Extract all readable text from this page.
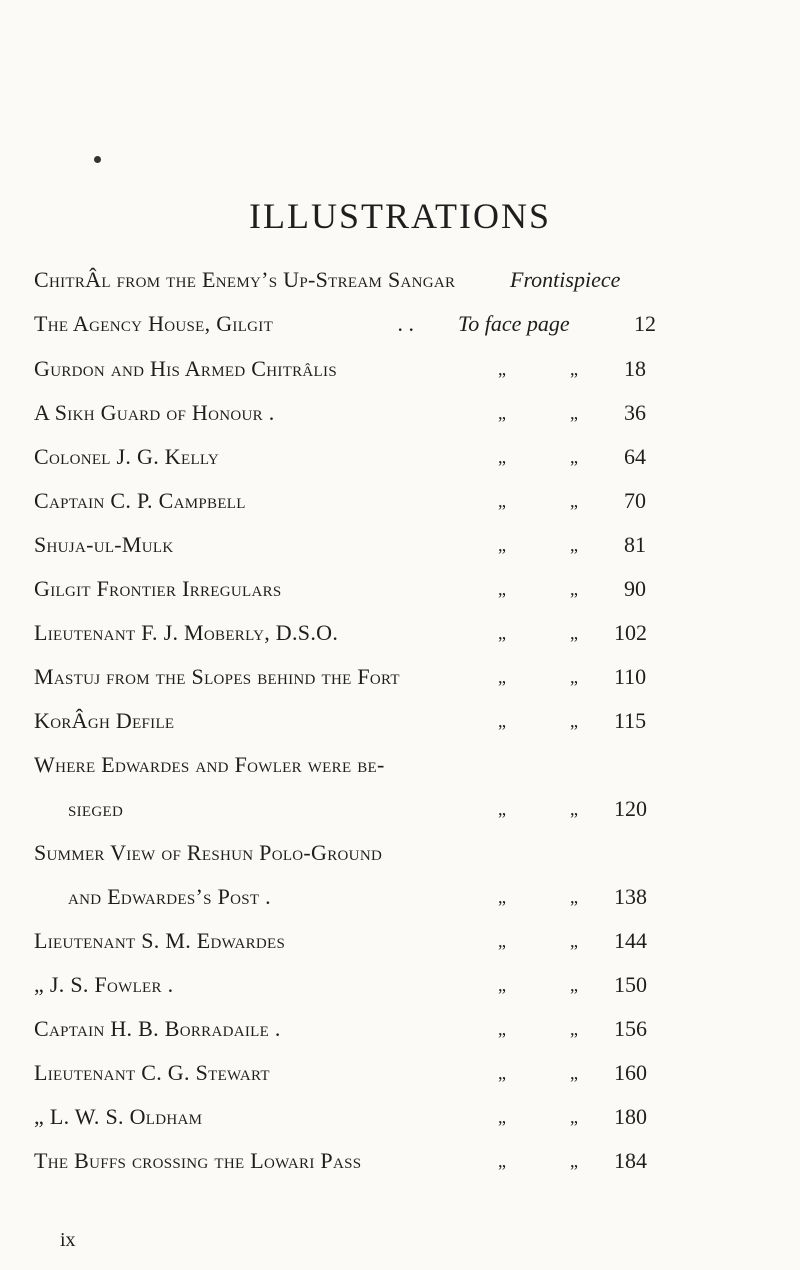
ILLUSTRATIONS
ChitrÂl from the Enemy’s Up-Stream Sangar Frontispiece
The Agency House, Gilgit	. . To face page	12
Gurdon and His Armed Chitrâlis	„	„	18
A Sikh Guard of Honour .	„	„	36
Colonel J. G. Kelly	„	„	64
Captain C. P. Campbell	„	„	70
Shuja-ul-Mulk	„	„	81
Gilgit Frontier Irregulars	„	„	90
Lieutenant F. J. Moberly, D.S.O.	„	„	102
Mastuj from the Slopes behind the Fort	„	„	110
KorÂgh Defile	„	„	115
Where Edwardes and Fowler were be-
sieged	„	„	120
Summer View of Reshun Polo-Ground
and Edwardes’s Post .	„	„	138
Lieutenant S. M. Edwardes	„	„	144
„ J. S. Fowler .	„	„	150
Captain H. B. Borradaile .	„	„	156
Lieutenant C. G. Stewart	„	„	160
„ L. W. S. Oldham	„	„	180
The Buffs crossing the Lowari Pass	„	„	184
ix
